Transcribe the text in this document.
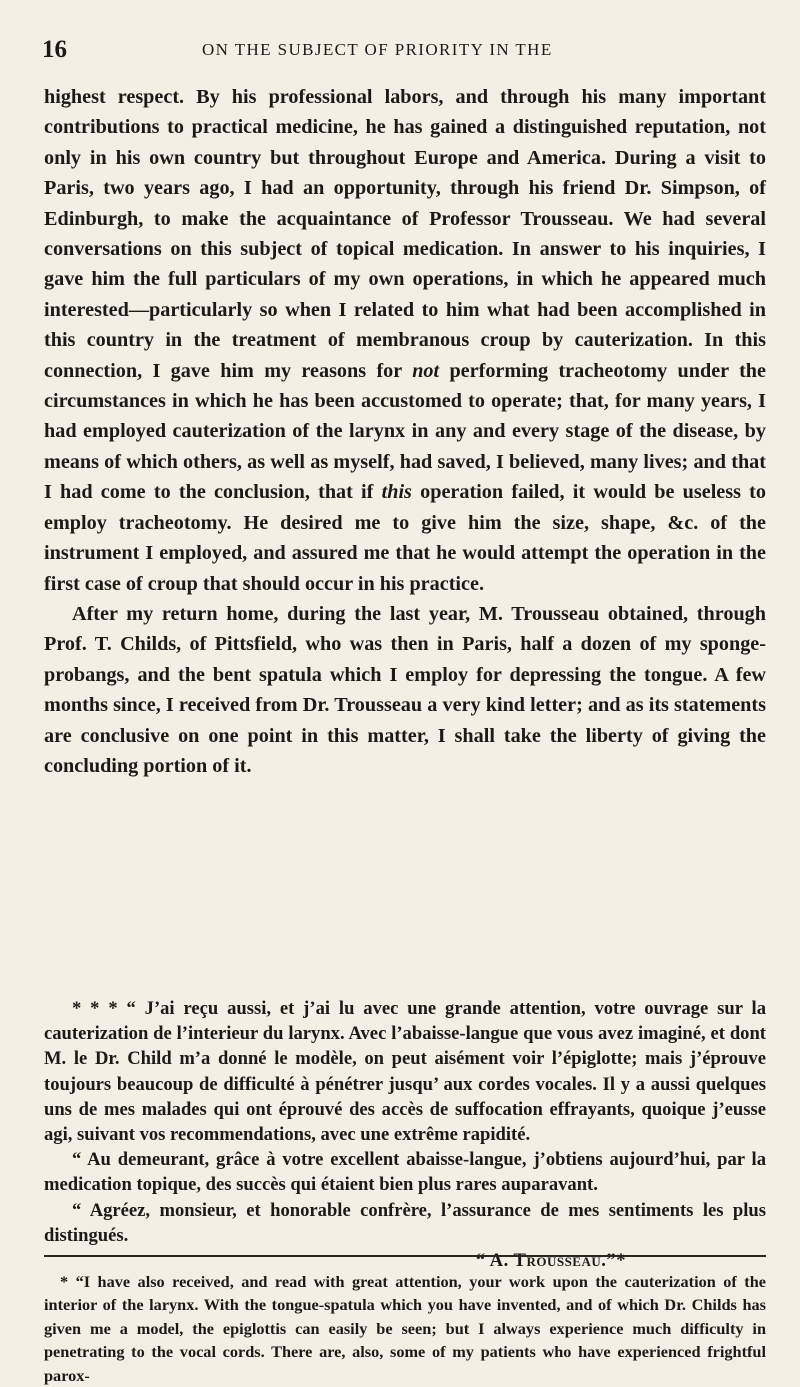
16	ON THE SUBJECT OF PRIORITY IN THE

highest respect. By his professional labors, and through his many important contributions to practical medicine, he has gained a distinguished reputation, not only in his own country but throughout Europe and America. During a visit to Paris, two years ago, I had an opportunity, through his friend Dr. Simpson, of Edinburgh, to make the acquaintance of Professor Trousseau. We had several conversations on this subject of topical medication. In answer to his inquiries, I gave him the full particulars of my own operations, in which he appeared much interested—particularly so when I related to him what had been accomplished in this country in the treatment of membranous croup by cauterization. In this connection, I gave him my reasons for not performing tracheotomy under the circumstances in which he has been accustomed to operate; that, for many years, I had employed cauterization of the larynx in any and every stage of the disease, by means of which others, as well as myself, had saved, I believed, many lives; and that I had come to the conclusion, that if this operation failed, it would be useless to employ tracheotomy. He desired me to give him the size, shape, &c. of the instrument I employed, and assured me that he would attempt the operation in the first case of croup that should occur in his practice.

After my return home, during the last year, M. Trousseau obtained, through Prof. T. Childs, of Pittsfield, who was then in Paris, half a dozen of my sponge-probangs, and the bent spatula which I employ for depressing the tongue. A few months since, I received from Dr. Trousseau a very kind letter; and as its statements are conclusive on one point in this matter, I shall take the liberty of giving the concluding portion of it.

* * * “ J’ai reçu aussi, et j’ai lu avec une grande attention, votre ouvrage sur la cauterization de l’interieur du larynx. Avec l’abaisse-langue que vous avez imaginé, et dont M. le Dr. Child m’a donné le modèle, on peut aisément voir l’épiglotte; mais j’éprouve toujours beaucoup de difficulté à pénétrer jusqu’ aux cordes vocales. Il y a aussi quelques uns de mes malades qui ont éprouvé des accès de suffocation effrayants, quoique j’eusse agi, suivant vos recommendations, avec une extrême rapidité.

“ Au demeurant, grâce à votre excellent abaisse-langue, j’obtiens aujourd’hui, par la medication topique, des succès qui étaient bien plus rares auparavant.

“ Agréez, monsieur, et honorable confrère, l’assurance de mes sentiments les plus distingués.

“ A. Trousseau.”*

* “I have also received, and read with great attention, your work upon the cauterization of the interior of the larynx. With the tongue-spatula which you have invented, and of which Dr. Childs has given me a model, the epiglottis can easily be seen; but I always experience much difficulty in penetrating to the vocal cords. There are, also, some of my patients who have experienced frightful parox-
